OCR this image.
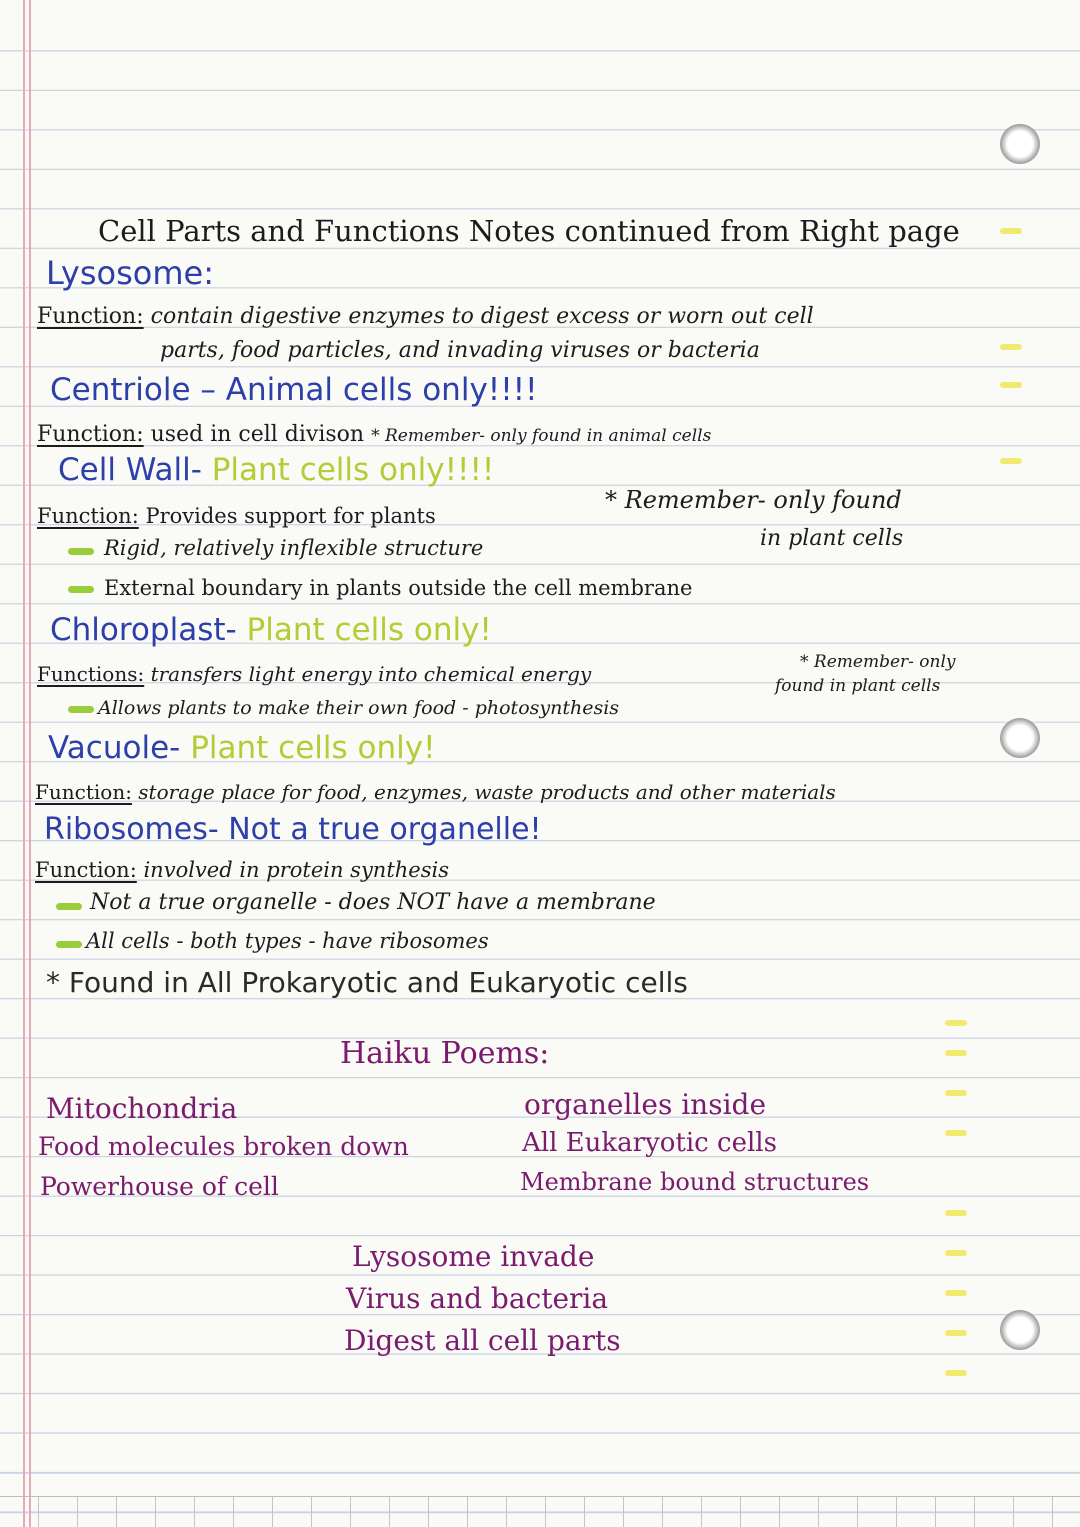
Cell Parts and Functions Notes continued from Right page
Lysosome:
Function: contain digestive enzymes to digest excess or worn out cell
parts, food particles, and invading viruses or bacteria
Centriole – Animal cells only!!!!
Function: used in cell divison * Remember- only found in animal cells
Cell Wall- Plant cells only!!!!
Function: Provides support for plants
* Remember- only found
in plant cells
Rigid, relatively inflexible structure
External boundary in plants outside the cell membrane
Chloroplast- Plant cells only!
Functions: transfers light energy into chemical energy	* Remember- only
found in plant cells
Allows plants to make their own food - photosynthesis
Vacuole- Plant cells only!
Function: storage place for food, enzymes, waste products and other materials
Ribosomes- Not a true organelle!
Function: involved in protein synthesis
Not a true organelle - does NOT have a membrane
All cells - both types - have ribosomes
* Found in All Prokaryotic and Eukaryotic cells
Haiku Poems:
Mitochondria
Food molecules broken down
Powerhouse of cell
organelles inside
All Eukaryotic cells
Membrane bound structures
Lysosome invade
Virus and bacteria
Digest all cell parts
